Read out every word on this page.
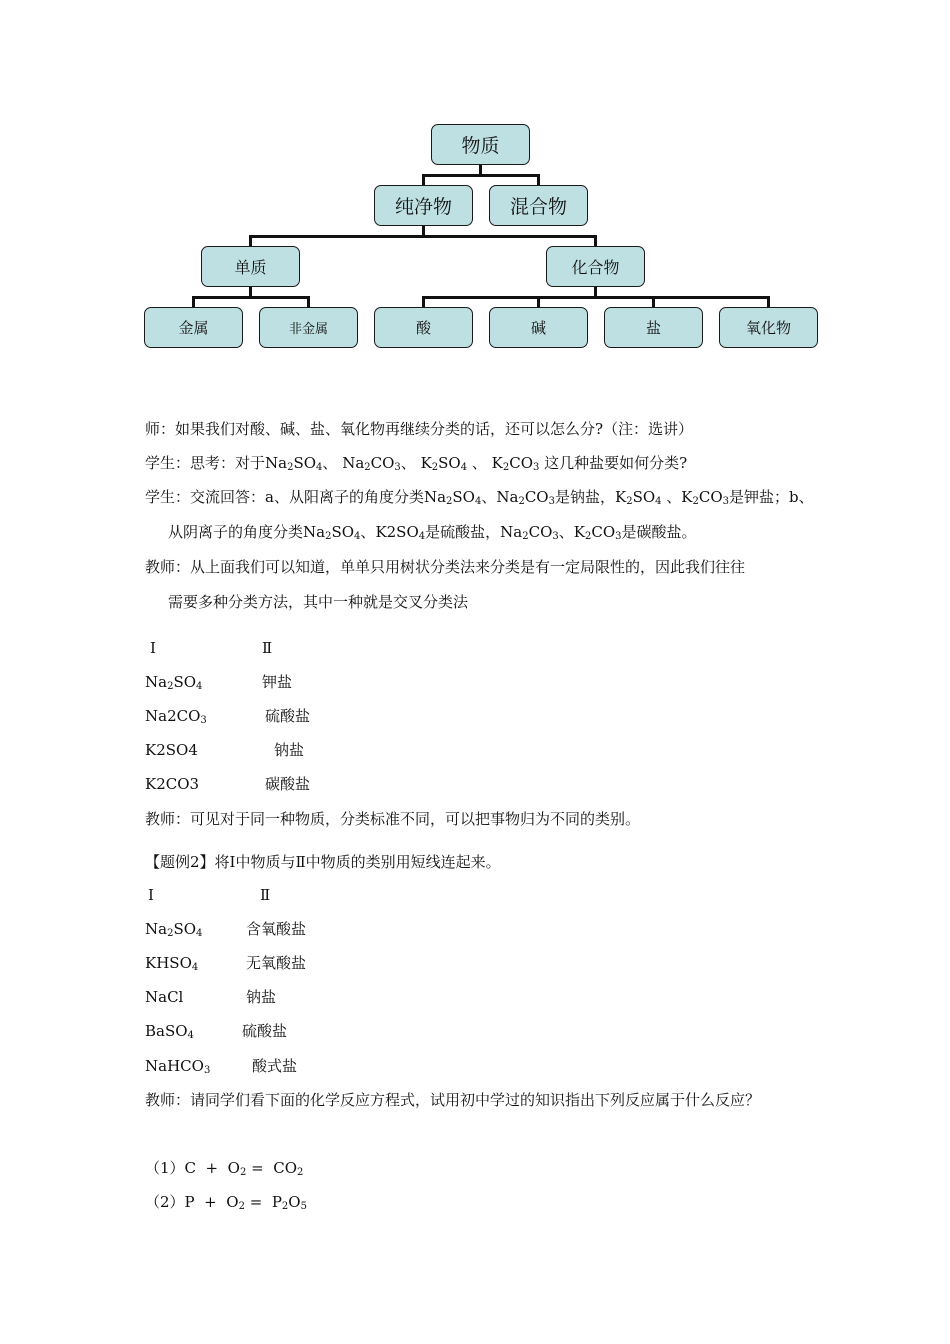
物质
纯净物	混合物
单质	化合物
金属	非金属	酸	碱	盐	氧化物
师：如果我们对酸、碱、盐、氧化物再继续分类的话，还可以怎么分?（注：选讲）
学生：思考：对于$Na_2SO_4$、 $Na_2CO_3$、 $K_2SO_4$ 、 $K_2CO_3$ 这几种盐要如何分类?
学生：交流回答：a、从阳离子的角度分类$Na_2SO_4$、$Na_2CO_3$是钠盐，$K_2SO_4$ 、$K_2CO_3$是钾盐；b、
从阴离子的角度分类$Na_2SO_4$、$K2SO_4$是硫酸盐，$Na_2CO_3$、$K_2CO_3$是碳酸盐。
教师：从上面我们可以知道，单单只用树状分类法来分类是有一定局限性的，因此我们往往
需要多种分类方法，其中一种就是交叉分类法
Ⅰ	Ⅱ
$Na_2SO_4$	钾盐
$Na2CO_3$	硫酸盐
K2SO4	钠盐
K2CO3	碳酸盐
教师：可见对于同一种物质，分类标准不同，可以把事物归为不同的类别。
【题例2】将Ⅰ中物质与Ⅱ中物质的类别用短线连起来。
Ⅰ	Ⅱ
$Na_2SO_4$	含氧酸盐
$KHSO_4$	无氧酸盐
NaCl	钠盐
BaSO$_4$	硫酸盐
NaHCO$_3$	酸式盐
教师：请同学们看下面的化学反应方程式，试用初中学过的知识指出下列反应属于什么反应？
$(1)C + O_2 = CO_2$
$(2)P + O_2 = P_2O_5$
